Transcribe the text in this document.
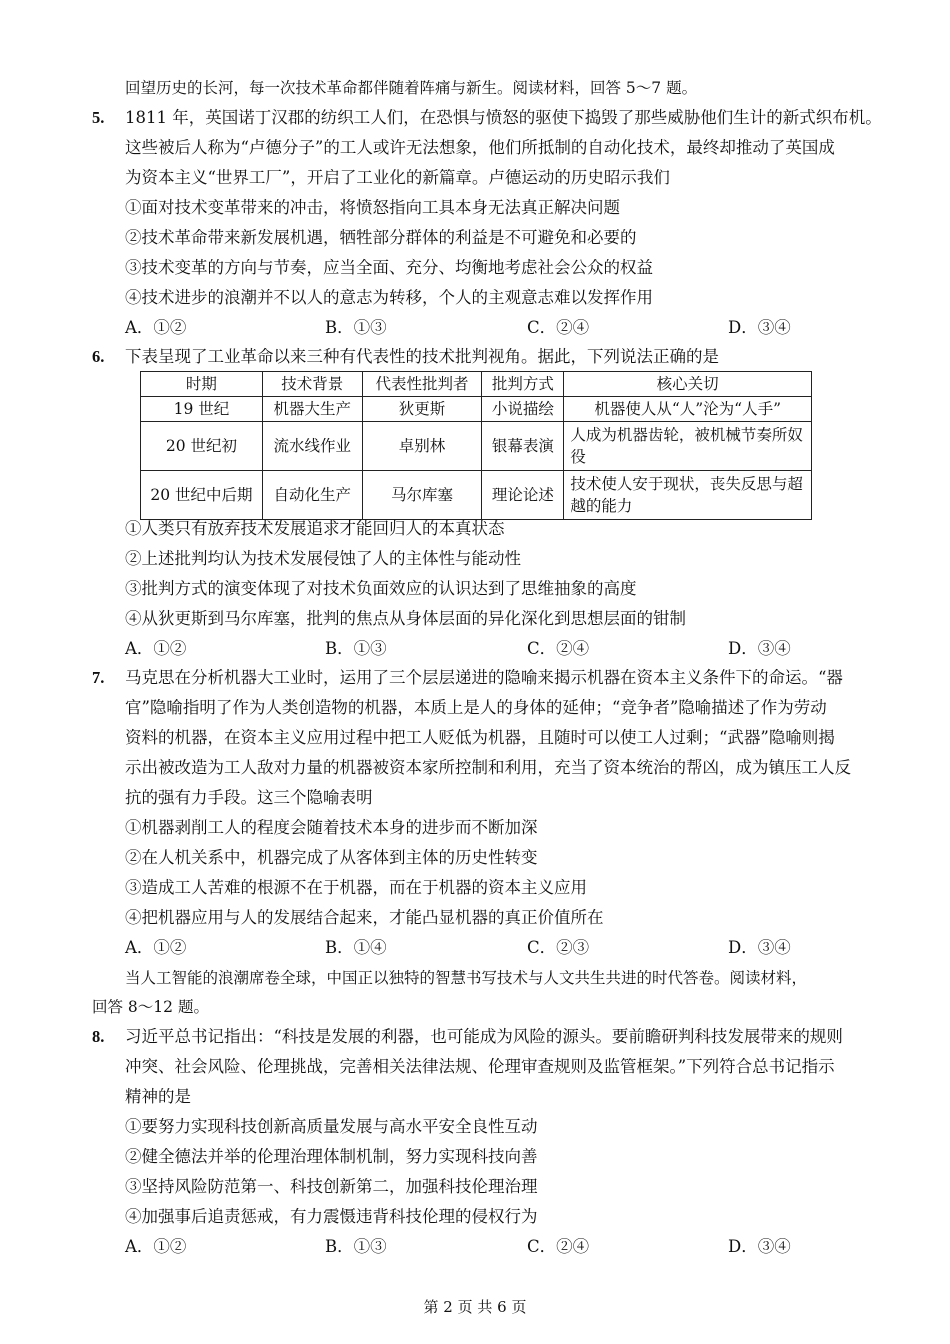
回望历史的长河，每一次技术革命都伴随着阵痛与新生。阅读材料，回答 5～7 题。
5. 1811 年，英国诺丁汉郡的纺织工人们，在恐惧与愤怒的驱使下捣毁了那些威胁他们生计的新式织布机。
这些被后人称为“卢德分子”的工人或许无法想象，他们所抵制的自动化技术，最终却推动了英国成
为资本主义“世界工厂”，开启了工业化的新篇章。卢德运动的历史昭示我们
①面对技术变革带来的冲击，将愤怒指向工具本身无法真正解决问题
②技术革命带来新发展机遇，牺牲部分群体的利益是不可避免和必要的
③技术变革的方向与节奏，应当全面、充分、均衡地考虑社会公众的权益
④技术进步的浪潮并不以人的意志为转移，个人的主观意志难以发挥作用
A．①②	B．①③	C．②④	D．③④
6. 下表呈现了工业革命以来三种有代表性的技术批判视角。据此，下列说法正确的是
时期	技术背景	代表性批判者	批判方式	核心关切
19 世纪	机器大生产	狄更斯	小说描绘	机器使人从“人”沦为“人手”
20 世纪初	流水线作业	卓别林	银幕表演	人成为机器齿轮，被机械节奏所奴役
20 世纪中后期	自动化生产	马尔库塞	理论论述	技术使人安于现状，丧失反思与超越的能力
①人类只有放弃技术发展追求才能回归人的本真状态
②上述批判均认为技术发展侵蚀了人的主体性与能动性
③批判方式的演变体现了对技术负面效应的认识达到了思维抽象的高度
④从狄更斯到马尔库塞，批判的焦点从身体层面的异化深化到思想层面的钳制
A．①②	B．①③	C．②④	D．③④
7. 马克思在分析机器大工业时，运用了三个层层递进的隐喻来揭示机器在资本主义条件下的命运。“器
官”隐喻指明了作为人类创造物的机器，本质上是人的身体的延伸；“竞争者”隐喻描述了作为劳动
资料的机器，在资本主义应用过程中把工人贬低为机器，且随时可以使工人过剩；“武器”隐喻则揭
示出被改造为工人敌对力量的机器被资本家所控制和利用，充当了资本统治的帮凶，成为镇压工人反
抗的强有力手段。这三个隐喻表明
①机器剥削工人的程度会随着技术本身的进步而不断加深
②在人机关系中，机器完成了从客体到主体的历史性转变
③造成工人苦难的根源不在于机器，而在于机器的资本主义应用
④把机器应用与人的发展结合起来，才能凸显机器的真正价值所在
A．①②	B．①④	C．②③	D．③④
当人工智能的浪潮席卷全球，中国正以独特的智慧书写技术与人文共生共进的时代答卷。阅读材料，
回答 8～12 题。
8. 习近平总书记指出：“科技是发展的利器，也可能成为风险的源头。要前瞻研判科技发展带来的规则
冲突、社会风险、伦理挑战，完善相关法律法规、伦理审查规则及监管框架。”下列符合总书记指示
精神的是
①要努力实现科技创新高质量发展与高水平安全良性互动
②健全德法并举的伦理治理体制机制，努力实现科技向善
③坚持风险防范第一、科技创新第二，加强科技伦理治理
④加强事后追责惩戒，有力震慑违背科技伦理的侵权行为
A．①②	B．①③	C．②④	D．③④
第 2 页 共 6 页
